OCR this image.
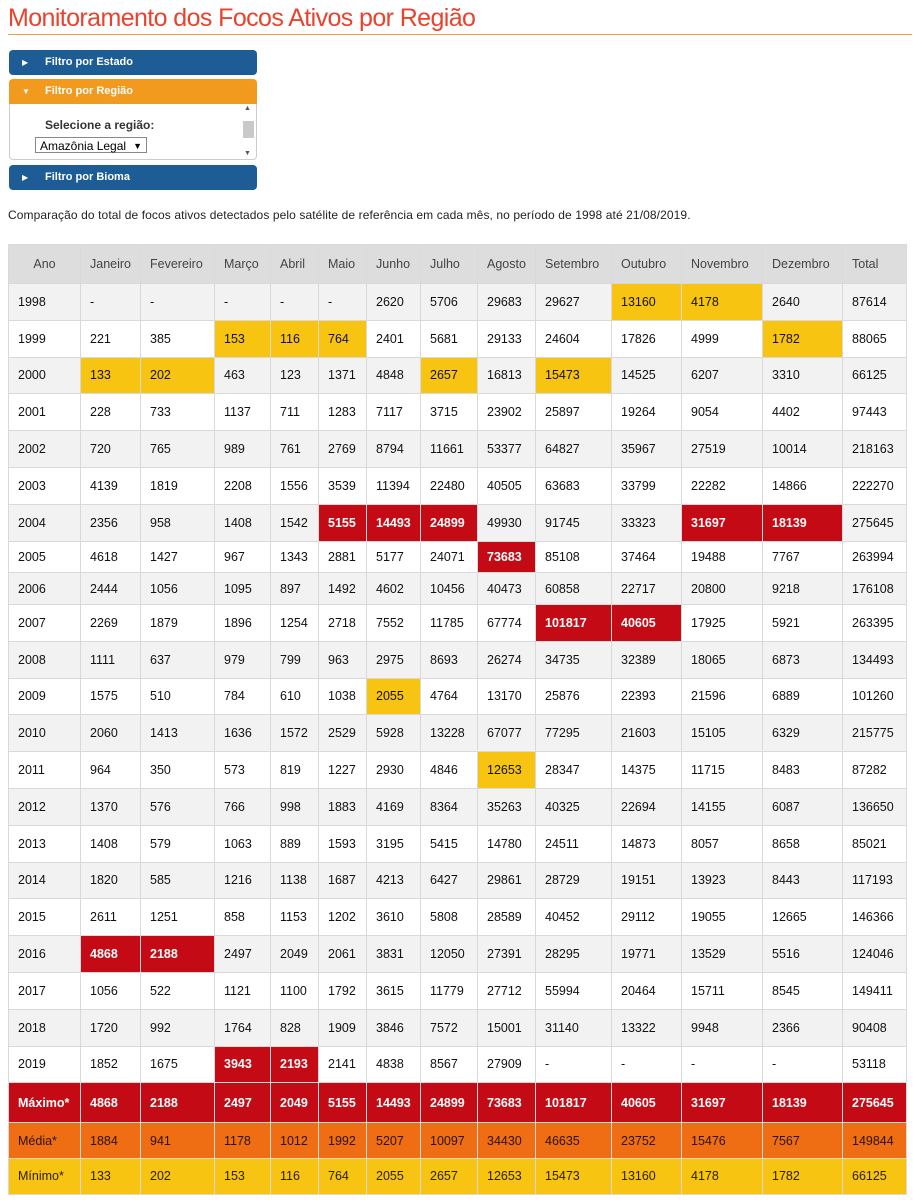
Monitoramento dos Focos Ativos por Região
▶ Filtro por Estado
▼ Filtro por Região
Selecione a região:
Amazônia Legal ▼
▲
▼
▶ Filtro por Bioma
Comparação do total de focos ativos detectados pelo satélite de referência em cada mês, no período de 1998 até 21/08/2019.
Ano	Janeiro	Fevereiro	Março	Abril	Maio	Junho	Julho	Agosto	Setembro	Outubro	Novembro	Dezembro	Total
1998	-	-	-	-	-	2620	5706	29683	29627	13160	4178	2640	87614
1999	221	385	153	116	764	2401	5681	29133	24604	17826	4999	1782	88065
2000	133	202	463	123	1371	4848	2657	16813	15473	14525	6207	3310	66125
2001	228	733	1137	711	1283	7117	3715	23902	25897	19264	9054	4402	97443
2002	720	765	989	761	2769	8794	11661	53377	64827	35967	27519	10014	218163
2003	4139	1819	2208	1556	3539	11394	22480	40505	63683	33799	22282	14866	222270
2004	2356	958	1408	1542	5155	14493	24899	49930	91745	33323	31697	18139	275645
2005	4618	1427	967	1343	2881	5177	24071	73683	85108	37464	19488	7767	263994
2006	2444	1056	1095	897	1492	4602	10456	40473	60858	22717	20800	9218	176108
2007	2269	1879	1896	1254	2718	7552	11785	67774	101817	40605	17925	5921	263395
2008	1111	637	979	799	963	2975	8693	26274	34735	32389	18065	6873	134493
2009	1575	510	784	610	1038	2055	4764	13170	25876	22393	21596	6889	101260
2010	2060	1413	1636	1572	2529	5928	13228	67077	77295	21603	15105	6329	215775
2011	964	350	573	819	1227	2930	4846	12653	28347	14375	11715	8483	87282
2012	1370	576	766	998	1883	4169	8364	35263	40325	22694	14155	6087	136650
2013	1408	579	1063	889	1593	3195	5415	14780	24511	14873	8057	8658	85021
2014	1820	585	1216	1138	1687	4213	6427	29861	28729	19151	13923	8443	117193
2015	2611	1251	858	1153	1202	3610	5808	28589	40452	29112	19055	12665	146366
2016	4868	2188	2497	2049	2061	3831	12050	27391	28295	19771	13529	5516	124046
2017	1056	522	1121	1100	1792	3615	11779	27712	55994	20464	15711	8545	149411
2018	1720	992	1764	828	1909	3846	7572	15001	31140	13322	9948	2366	90408
2019	1852	1675	3943	2193	2141	4838	8567	27909	-	-	-	-	53118
Máximo*	4868	2188	2497	2049	5155	14493	24899	73683	101817	40605	31697	18139	275645
Média*	1884	941	1178	1012	1992	5207	10097	34430	46635	23752	15476	7567	149844
Mínimo*	133	202	153	116	764	2055	2657	12653	15473	13160	4178	1782	66125
